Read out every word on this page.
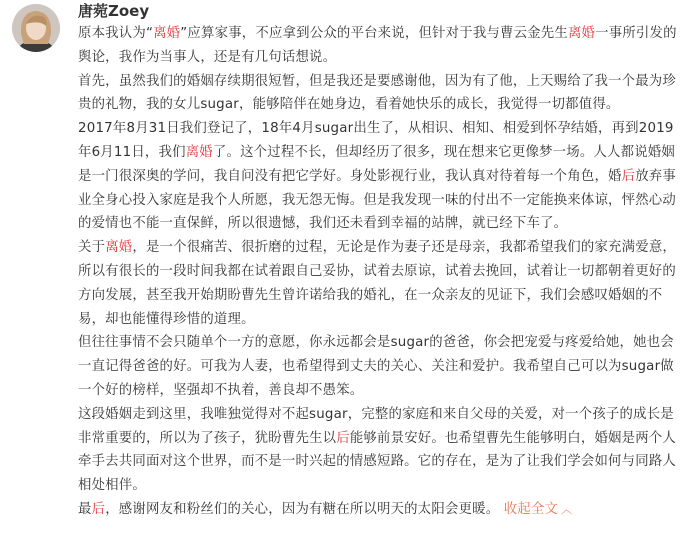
唐菀Zoey

原本我认为“离婚”应算家事，不应拿到公众的平台来说，但针对于我与曹云金先生离婚一事所引发的舆论，我作为当事人，还是有几句话想说。

首先，虽然我们的婚姻存续期很短暂，但是我还是要感谢他，因为有了他，上天赐给了我一个最为珍贵的礼物，我的女儿sugar，能够陪伴在她身边，看着她快乐的成长，我觉得一切都值得。

2017年8月31日我们登记了，18年4月sugar出生了，从相识、相知、相爱到怀孕结婚，再到2019年6月11日，我们离婚了。这个过程不长，但却经历了很多，现在想来它更像梦一场。人人都说婚姻是一门很深奥的学问，我自问没有把它学好。身处影视行业，我认真对待着每一个角色，婚后放弃事业全身心投入家庭是我个人所愿，我无怨无悔。但是我发现一味的付出不一定能换来体谅，怦然心动的爱情也不能一直保鲜，所以很遗憾，我们还未看到幸福的站牌，就已经下车了。

关于离婚，是一个很痛苦、很折磨的过程，无论是作为妻子还是母亲，我都希望我们的家充满爱意，所以有很长的一段时间我都在试着跟自己妥协，试着去原谅，试着去挽回，试着让一切都朝着更好的方向发展，甚至我开始期盼曹先生曾许诺给我的婚礼，在一众亲友的见证下，我们会感叹婚姻的不易，却也能懂得珍惜的道理。

但往往事情不会只随单个一方的意愿，你永远都会是sugar的爸爸，你会把宠爱与疼爱给她，她也会一直记得爸爸的好。可我为人妻，也希望得到丈夫的关心、关注和爱护。我希望自己可以为sugar做一个好的榜样，坚强却不执着，善良却不愚笨。

这段婚姻走到这里，我唯独觉得对不起sugar，完整的家庭和来自父母的关爱，对一个孩子的成长是非常重要的，所以为了孩子，犹盼曹先生以后能够前景安好。也希望曹先生能够明白，婚姻是两个人牵手去共同面对这个世界，而不是一时兴起的情感短路。它的存在，是为了让我们学会如何与同路人相处相伴。

最后，感谢网友和粉丝们的关心，因为有糖在所以明天的太阳会更暖。 收起全文 ︿
